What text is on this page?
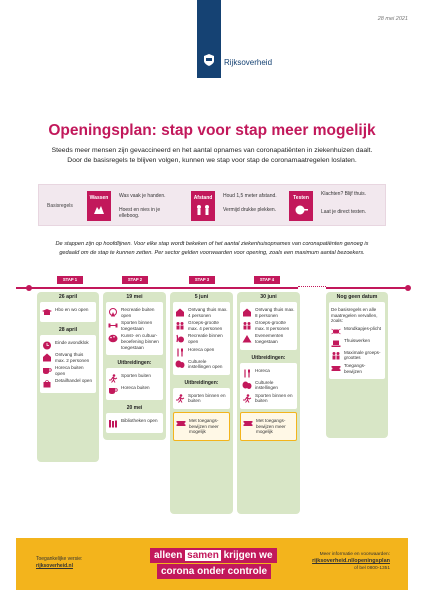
28 mei 2021
Rijksoverheid
Openingsplan: stap voor stap meer mogelijk
Steeds meer mensen zijn gevaccineerd en het aantal opnames van coronapatiënten in ziekenhuizen daalt.
Door de basisregels te blijven volgen, kunnen we stap voor stap de coronamaatregelen loslaten.
Basisregels
Wassen	Was vaak je handen.
Hoest en nies in je elleboog.
Afstand	Houd 1,5 meter afstand.
Vermijd drukke plekken.
Testen
Klachten? Blijf thuis.
Laat je direct testen.
De stappen zijn op hoofdlijnen. Voor elke stap wordt bekeken of het aantal ziekenhuisopnames van coronapatiënten genoeg is
gedaald om de stap te kunnen zetten. Per sector gelden voorwaarden voor opening, zoals een maximum aantal bezoekers.
STAP 1	STAP 2	STAP 3	STAP 4
26 april
Hbo en wo open
28 april
Einde avondklok
Ontvang thuis max. 2 personen
Horeca buiten open
Detailhandel open
19 mei
Recreatie buiten open
Sporten binnen toegestaan
Kunst- en cultuur-beoefening binnen toegestaan
Uitbreidingen:
Sporten buiten
Horeca buiten
20 mei
Bibliotheken open
5 juni
Ontvang thuis max. 4 personen
Groeps-grootte max. 4 personen
Recreatie binnen open
Horeca open
Culturele instellingen open
Uitbreidingen:
Sporten binnen en buiten
Met toegangs-bewijzen meer mogelijk
30 juni
Ontvang thuis max. 8 personen
Groeps-grootte max. 8 personen
Evenementen toegestaan
Uitbreidingen:
Horeca
Culturele instellingen
Sporten binnen en buiten
Met toegangs-bewijzen meer mogelijk
Nog geen datum
De basisregels en alle maatregelen vervallen, zoals:
Mondkapjes-plicht
Thuiswerken
Maximale groeps-groottes
Toegangs-bewijzen
Toegankelijke versie:
rijksoverheid.nl
alleen samen krijgen we
corona onder controle
Meer informatie en voorwaarden:
rijksoverheid.nl/openingsplan
of bel 0800-1351
